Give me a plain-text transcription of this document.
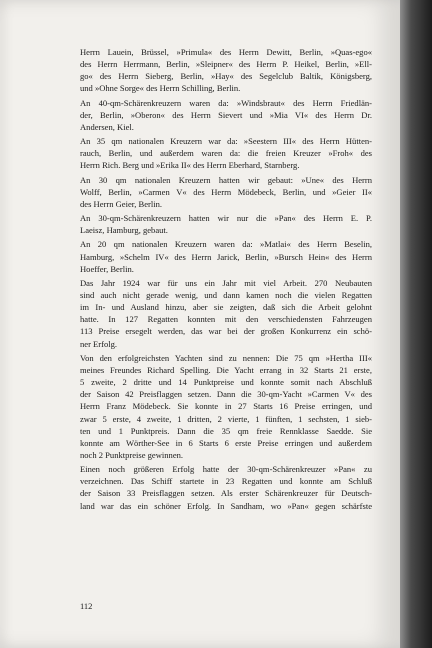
Herrn Lauein, Brüssel, »Primula« des Herrn Dewitt, Berlin, »Quas-ego«
des Herrn Herrmann, Berlin, »Sleipner« des Herrn P. Heikel, Berlin, »Ell-
go« des Herrn Sieberg, Berlin, »Hay« des Segelclub Baltik, Königsberg,
und »Ohne Sorge« des Herrn Schilling, Berlin.
An 40-qm-Schärenkreuzern waren da: »Windsbraut« des Herrn Friedlän-
der, Berlin, »Oberon« des Herrn Sievert und »Mia VI« des Herrn Dr.
Andersen, Kiel.
An 35 qm nationalen Kreuzern war da: »Seestern III« des Herrn Hütten-
rauch, Berlin, und außerdem waren da: die freien Kreuzer »Froh« des
Herrn Rich. Berg und »Erika II« des Herrn Eberhard, Starnberg.
An 30 qm nationalen Kreuzern hatten wir gebaut: »Une« des Herrn
Wolff, Berlin, »Carmen V« des Herrn Mödebeck, Berlin, und »Geier II«
des Herrn Geier, Berlin.
An 30-qm-Schärenkreuzern hatten wir nur die »Pan« des Herrn E. P.
Laeisz, Hamburg, gebaut.
An 20 qm nationalen Kreuzern waren da: »Matlai« des Herrn Beselin,
Hamburg, »Schelm IV« des Herrn Jarick, Berlin, »Bursch Hein« des Herrn
Hoeffer, Berlin.
Das Jahr 1924 war für uns ein Jahr mit viel Arbeit. 270 Neubauten
sind auch nicht gerade wenig, und dann kamen noch die vielen Regatten
im In- und Ausland hinzu, aber sie zeigten, daß sich die Arbeit gelohnt
hatte. In 127 Regatten konnten mit den verschiedensten Fahrzeugen
113 Preise ersegelt werden, das war bei der großen Konkurrenz ein schö-
ner Erfolg.
Von den erfolgreichsten Yachten sind zu nennen: Die 75 qm »Hertha III«
meines Freundes Richard Spelling. Die Yacht errang in 32 Starts 21 erste,
5 zweite, 2 dritte und 14 Punktpreise und konnte somit nach Abschluß
der Saison 42 Preisflaggen setzen. Dann die 30-qm-Yacht »Carmen V« des
Herrn Franz Mödebeck. Sie konnte in 27 Starts 16 Preise erringen, und
zwar 5 erste, 4 zweite, 1 dritten, 2 vierte, 1 fünften, 1 sechsten, 1 sieb-
ten und 1 Punktpreis. Dann die 35 qm freie Rennklasse Saedde. Sie
konnte am Wörther-See in 6 Starts 6 erste Preise erringen und außerdem
noch 2 Punktpreise gewinnen.
Einen noch größeren Erfolg hatte der 30-qm-Schärenkreuzer »Pan« zu
verzeichnen. Das Schiff startete in 23 Regatten und konnte am Schluß
der Saison 33 Preisflaggen setzen. Als erster Schärenkreuzer für Deutsch-
land war das ein schöner Erfolg. In Sandham, wo »Pan« gegen schärfste
112
